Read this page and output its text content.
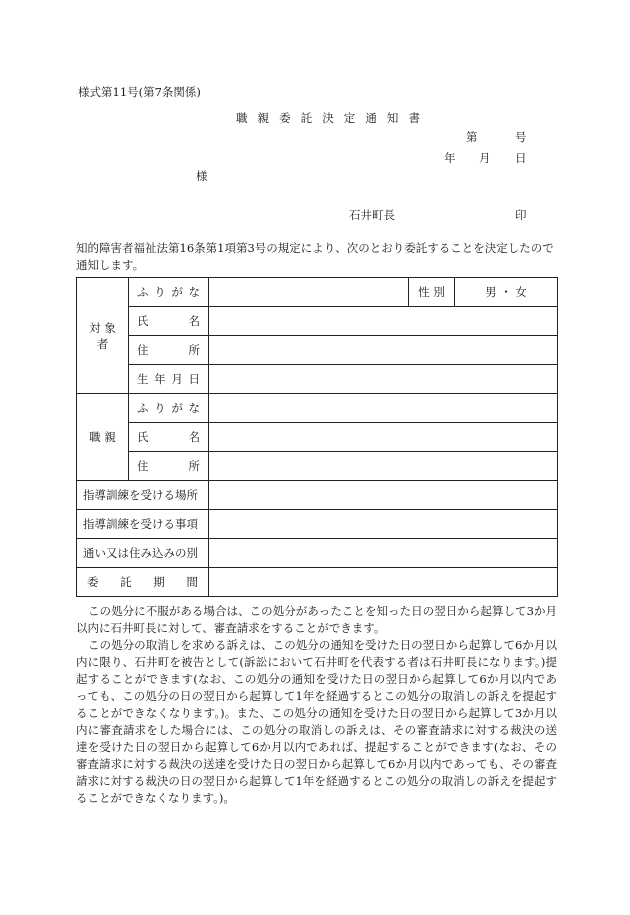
様式第11号(第7条関係)
職 親 委 託 決 定 通 知 書
第	号
年 月 日
様
石井町長	印
知的障害者福祉法第16条第1項第3号の規定により、次のとおり委託することを決定したので通知します。
対 象 者	ふ り が な		性 別	男 ・ 女

	氏 名			

	住 所			

	生 年 月 日			

職 親	ふ り が な			

	氏 名			

	住 所			

指導訓練を受ける場所				
指導訓練を受ける事項				
通い又は住み込みの別				

委 託 期 間				

この処分に不服がある場合は、この処分があったことを知った日の翌日から起算して3か月以内に石井町長に対して、審査請求をすることができます。

この処分の取消しを求める訴えは、この処分の通知を受けた日の翌日から起算して6か月以内に限り、石井町を被告として(訴訟において石井町を代表する者は石井町長になります。)提起することができます(なお、この処分の通知を受けた日の翌日から起算して6か月以内であっても、この処分の日の翌日から起算して1年を経過するとこの処分の取消しの訴えを提起することができなくなります。)。また、この処分の通知を受けた日の翌日から起算して3か月以内に審査請求をした場合には、この処分の取消しの訴えは、その審査請求に対する裁決の送達を受けた日の翌日から起算して6か月以内であれば、提起することができます(なお、その審査請求に対する裁決の送達を受けた日の翌日から起算して6か月以内であっても、その審査請求に対する裁決の日の翌日から起算して1年を経過するとこの処分の取消しの訴えを提起することができなくなります。)。
